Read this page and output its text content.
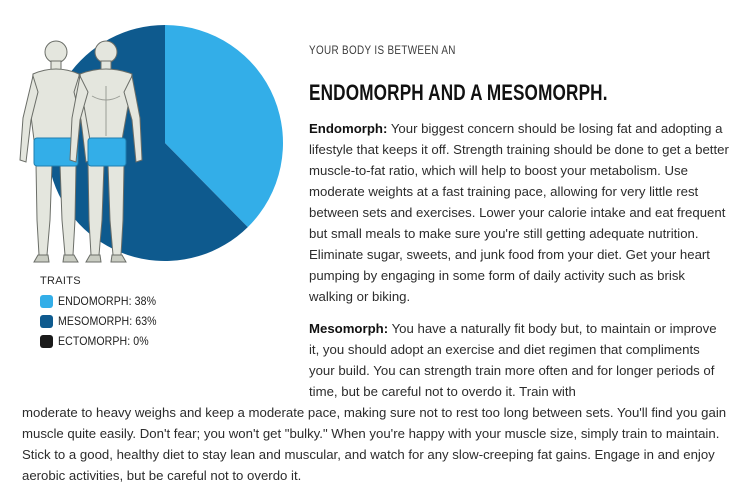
TRAITS
ENDOMORPH: 38%
MESOMORPH: 63%
ECTOMORPH: 0%
YOUR BODY IS BETWEEN AN
ENDOMORPH AND A MESOMORPH.

Endomorph: Your biggest concern should be losing fat and adopting a lifestyle that keeps it off. Strength training should be done to get a better muscle-to-fat ratio, which will help to boost your metabolism. Use moderate weights at a fast training pace, allowing for very little rest between sets and exercises. Lower your calorie intake and eat frequent but small meals to make sure you're still getting adequate nutrition. Eliminate sugar, sweets, and junk food from your diet. Get your heart pumping by engaging in some form of daily activity such as brisk walking or biking.

Mesomorph: You have a naturally fit body but, to maintain or improve it, you should adopt an exercise and diet regimen that compliments your build. You can strength train more often and for longer periods of time, but be careful not to overdo it. Train with

moderate to heavy weighs and keep a moderate pace, making sure not to rest too long between sets. You'll find you gain muscle quite easily. Don't fear; you won't get "bulky." When you're happy with your muscle size, simply train to maintain. Stick to a good, healthy diet to stay lean and muscular, and watch for any slow-creeping fat gains. Engage in and enjoy aerobic activities, but be careful not to overdo it.
